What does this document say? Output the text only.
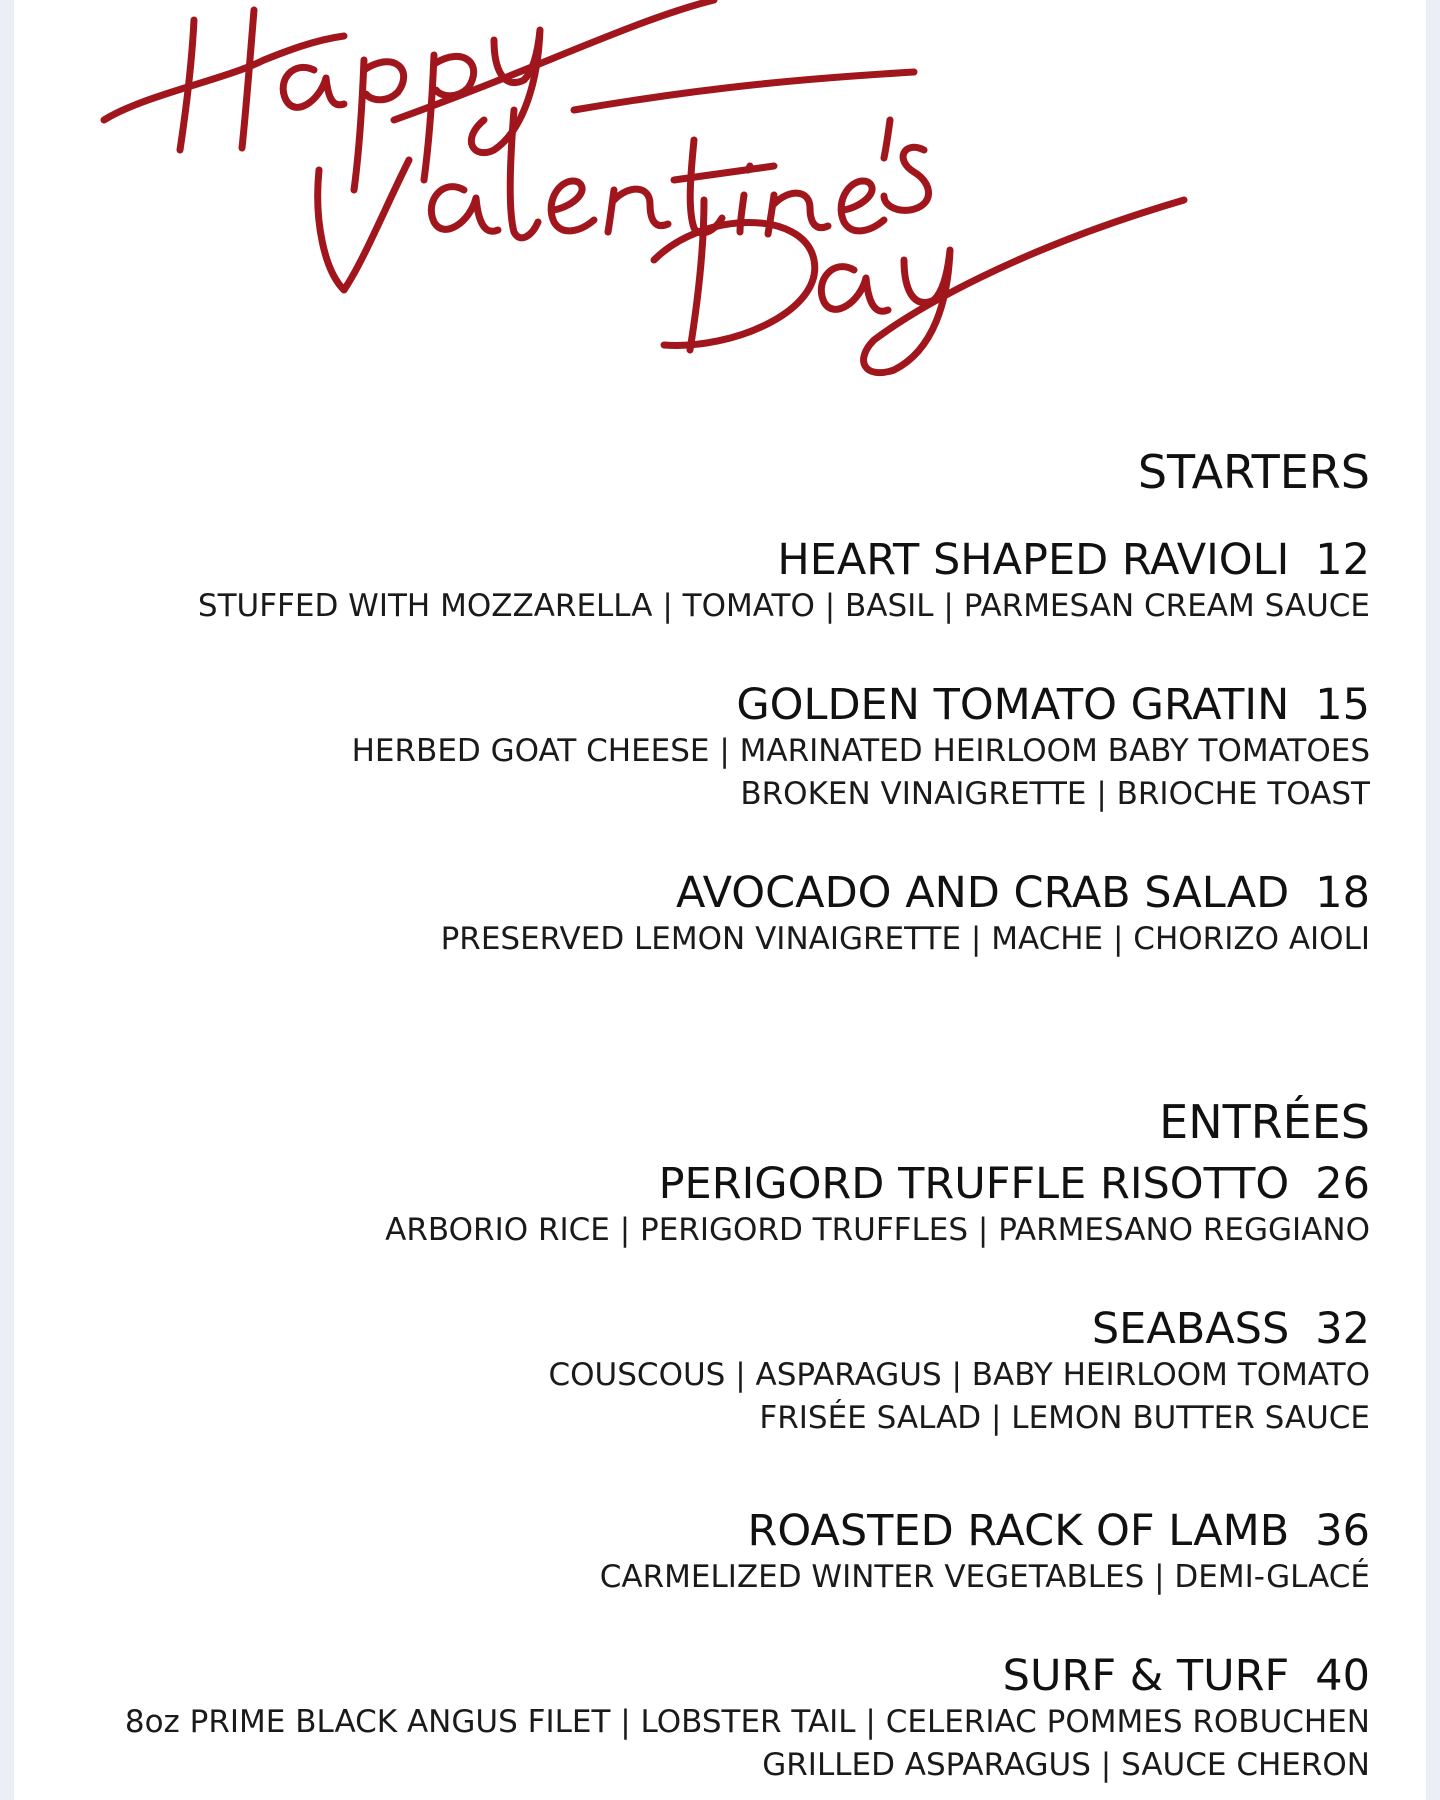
STARTERS
HEART SHAPED RAVIOLI 12
STUFFED WITH MOZZARELLA | TOMATO | BASIL | PARMESAN CREAM SAUCE
GOLDEN TOMATO GRATIN 15
HERBED GOAT CHEESE | MARINATED HEIRLOOM BABY TOMATOES
BROKEN VINAIGRETTE | BRIOCHE TOAST
AVOCADO AND CRAB SALAD 18
PRESERVED LEMON VINAIGRETTE | MACHE | CHORIZO AIOLI
ENTRÉES
PERIGORD TRUFFLE RISOTTO 26
ARBORIO RICE | PERIGORD TRUFFLES | PARMESANO REGGIANO
SEABASS 32
COUSCOUS | ASPARAGUS | BABY HEIRLOOM TOMATO
FRISÉE SALAD | LEMON BUTTER SAUCE
ROASTED RACK OF LAMB 36
CARMELIZED WINTER VEGETABLES | DEMI-GLACÉ
SURF & TURF 40
8oz PRIME BLACK ANGUS FILET | LOBSTER TAIL | CELERIAC POMMES ROBUCHEN
GRILLED ASPARAGUS | SAUCE CHERON
